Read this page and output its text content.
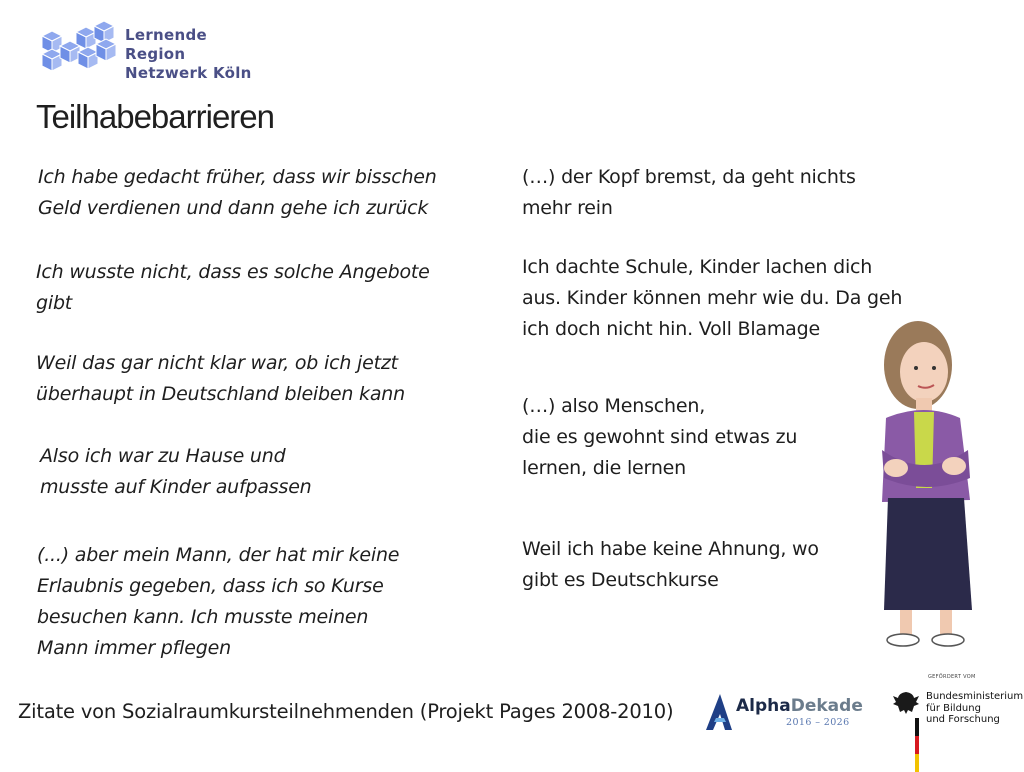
Lernende Region
Netzwerk Köln
Teilhabebarrieren
Ich habe gedacht früher, dass wir bisschen
Geld verdienen und dann gehe ich zurück
Ich wusste nicht, dass es solche Angebote
gibt
Weil das gar nicht klar war, ob ich jetzt
überhaupt in Deutschland bleiben kann
Also ich war zu Hause und
musste auf Kinder aufpassen
(...) aber mein Mann, der hat mir keine
Erlaubnis gegeben, dass ich so Kurse
besuchen kann. Ich musste meinen
Mann immer pflegen
(…) der Kopf bremst, da geht nichts
mehr rein
Ich dachte Schule, Kinder lachen dich
aus. Kinder können mehr wie du. Da geh
ich doch nicht hin. Voll Blamage
(…) also Menschen,
die es gewohnt sind etwas zu
lernen, die lernen
Weil ich habe keine Ahnung, wo
gibt es Deutschkurse
Zitate von Sozialraumkursteilnehmenden (Projekt Pages 2008-2010)	AlphaDekade
2016 – 2026
GEFÖRDERT VOM
Bundesministerium
für Bildung
und Forschung
